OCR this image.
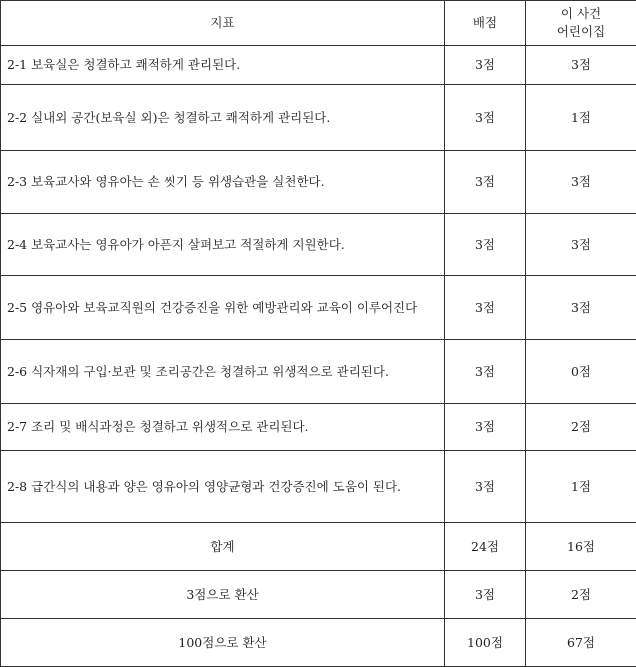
지표	배점	이 사건
어린이집

2-1 보육실은 청결하고 쾌적하게 관리된다.	3점	3점
2-2 실내외 공간(보육실 외)은 청결하고 쾌적하게 관리된다.	3점	1점
2-3 보육교사와 영유아는 손 씻기 등 위생습관을 실천한다.	3점	3점
2-4 보육교사는 영유아가 아픈지 살펴보고 적절하게 지원한다.	3점	3점
2-5 영유아와 보육교직원의 건강증진을 위한 예방관리와 교육이 이루어진다	3점	3점
2-6 식자재의 구입·보관 및 조리공간은 청결하고 위생적으로 관리된다.	3점	0점
2-7 조리 및 배식과정은 청결하고 위생적으로 관리된다.	3점	2점
2-8 급간식의 내용과 양은 영유아의 영양균형과 건강증진에 도움이 된다.	3점	1점
합계	24점	16점
3점으로 환산	3점	2점
100점으로 환산	100점	67점
